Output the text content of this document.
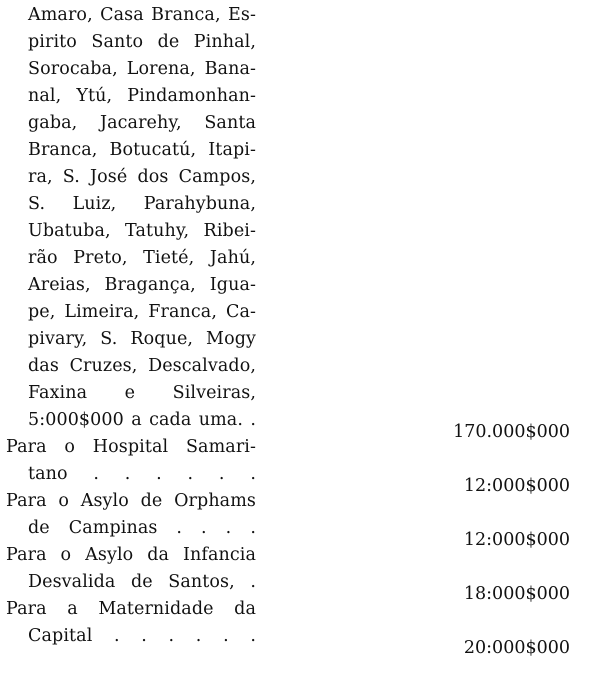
Amaro, Casa Branca, Es-
pirito Santo de Pinhal,
Sorocaba, Lorena, Bana-
nal, Ytú, Pindamonhan-
gaba, Jacarehy, Santa
Branca, Botucatú, Itapi-
ra, S. José dos Campos,
S. Luiz, Parahybuna,
Ubatuba, Tatuhy, Ribei-
rão Preto, Tieté, Jahú,
Areias, Bragança, Igua-
pe, Limeira, Franca, Ca-
pivary, S. Roque, Mogy
das Cruzes, Descalvado,
Faxina e Silveiras,
5:000$000 a cada uma. .
Para o Hospital Samari-
tano . . . . . .
Para o Asylo de Orphams
de Campinas . . . .
Para o Asylo da Infancia
Desvalida de Santos, .
Para a Maternidade da
Capital . . . . . .
170.000$000
12:000$000
12:000$000
18:000$000
20:000$000
